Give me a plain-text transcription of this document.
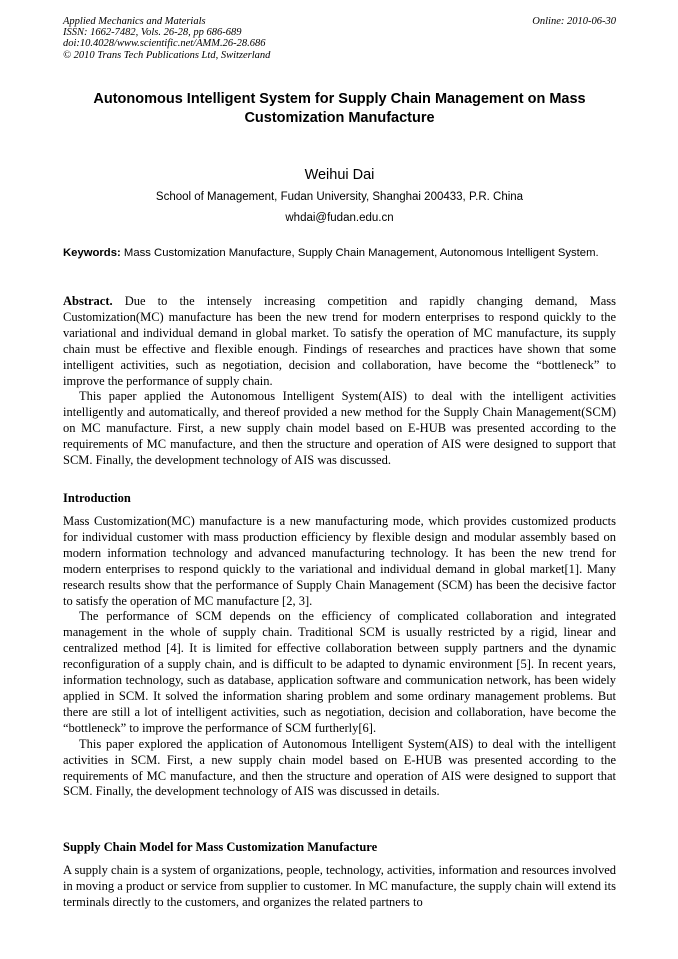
Applied Mechanics and Materials
ISSN: 1662-7482, Vols. 26-28, pp 686-689
doi:10.4028/www.scientific.net/AMM.26-28.686
© 2010 Trans Tech Publications Ltd, Switzerland
Online: 2010-06-30
Autonomous Intelligent System for Supply Chain Management on Mass Customization Manufacture
Weihui Dai
School of Management, Fudan University, Shanghai 200433, P.R. China
whdai@fudan.edu.cn
Keywords: Mass Customization Manufacture, Supply Chain Management, Autonomous Intelligent System.

Abstract. Due to the intensely increasing competition and rapidly changing demand, Mass Customization(MC) manufacture has been the new trend for modern enterprises to respond quickly to the variational and individual demand in global market. To satisfy the operation of MC manufacture, its supply chain must be effective and flexible enough. Findings of researches and practices have shown that some intelligent activities, such as negotiation, decision and collaboration, have become the “bottleneck” to improve the performance of supply chain.

This paper applied the Autonomous Intelligent System(AIS) to deal with the intelligent activities intelligently and automatically, and thereof provided a new method for the Supply Chain Management(SCM) on MC manufacture. First, a new supply chain model based on E-HUB was presented according to the requirements of MC manufacture, and then the structure and operation of AIS were designed to support that SCM. Finally, the development technology of AIS was discussed.

Introduction

Mass Customization(MC) manufacture is a new manufacturing mode, which provides customized products for individual customer with mass production efficiency by flexible design and modular assembly based on modern information technology and advanced manufacturing technology. It has been the new trend for modern enterprises to respond quickly to the variational and individual demand in global market[1]. Many research results show that the performance of Supply Chain Management (SCM) has been the decisive factor to satisfy the operation of MC manufacture [2, 3].

The performance of SCM depends on the efficiency of complicated collaboration and integrated management in the whole of supply chain. Traditional SCM is usually restricted by a rigid, linear and centralized method [4]. It is limited for effective collaboration between supply partners and the dynamic reconfiguration of a supply chain, and is difficult to be adapted to dynamic environment [5]. In recent years, information technology, such as database, application software and communication network, has been widely applied in SCM. It solved the information sharing problem and some ordinary management problems. But there are still a lot of intelligent activities, such as negotiation, decision and collaboration, have become the “bottleneck” to improve the performance of SCM furtherly[6].

This paper explored the application of Autonomous Intelligent System(AIS) to deal with the intelligent activities in SCM. First, a new supply chain model based on E-HUB was presented according to the requirements of MC manufacture, and then the structure and operation of AIS were designed to support that SCM. Finally, the development technology of AIS was discussed in details.

Supply Chain Model for Mass Customization Manufacture

A supply chain is a system of organizations, people, technology, activities, information and resources involved in moving a product or service from supplier to customer. In MC manufacture, the supply chain will extend its terminals directly to the customers, and organizes the related partners to
